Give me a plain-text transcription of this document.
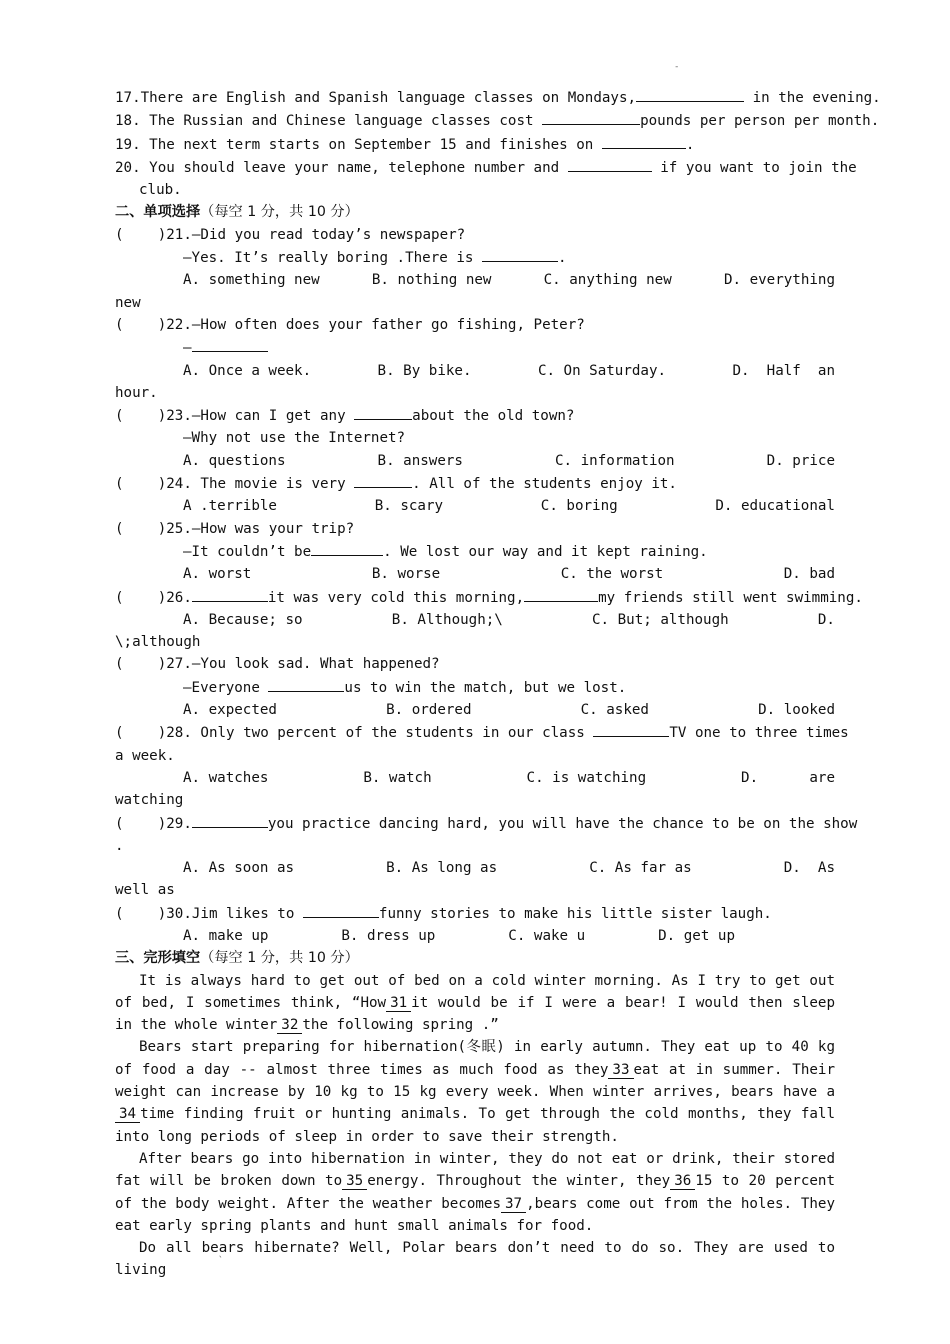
-
17.There are English and Spanish language classes on Mondays,	in the evening.
18. The Russian and Chinese language classes cost	pounds per person per month.
19. The next term starts on September 15 and finishes on	.
20. You should leave your name, telephone number and	if you want to join the
club.
二、单项选择（每空 1 分，共 10 分）
(    )21.—Did you read today’s newspaper?
—Yes. It’s really boring .There is	.
A. something new	B. nothing new	C. anything new	D. everything
new
(    )22.—How often does your father go fishing, Peter?
—
A. Once a week.	B. By bike.	C. On Saturday.	D.  Half  an
hour.
(    )23.—How can I get any	about the old town?
—Why not use the Internet?
A. questions	B. answers	C. information	D. price
(    )24. The movie is very	. All of the students enjoy it.
A .terrible	B. scary	C. boring	D. educational
(    )25.—How was your trip?
—It couldn’t be	. We lost our way and it kept raining.
A. worst	B. worse	C. the worst	D. bad
(    )26.	it was very cold this morning,	my friends still went swimming.
A. Because; so	B. Although;\	C. But; although	D.
\;although
(    )27.—You look sad. What happened?
—Everyone	us to win the match, but we lost.
A. expected	B. ordered	C. asked	D. looked
(    )28. Only two percent of the students in our class	TV one to three times
a week.
A. watches	B. watch	C. is watching	D.      are
watching
(    )29.	you practice dancing hard, you will have the chance to be on the show
.
A. As soon as	B. As long as	C. As far as	D.  As
well as
(    )30.Jim likes to	funny stories to make his little sister laugh.
A. make up	B. dress up	C. wake u	D. get up
三、完形填空（每空 1 分，共 10 分）
It is always hard to get out of bed on a cold winter morning. As I try to get out of bed, I sometimes think, “How 31 it would be if I were a bear! I would then sleep in the whole winter 32 the following spring .”
Bears start preparing for hibernation(冬眠) in early autumn. They eat up to 40 kg of food a day -- almost three times as much food as they 33 eat at in summer. Their weight can increase by 10 kg to 15 kg every week. When winter arrives, bears have a 34 time finding fruit or hunting animals. To get through the cold months, they fall into long periods of sleep in order to save their strength.
After bears go into hibernation in winter, they do not eat or drink, their stored fat will be broken down to 35 energy. Throughout the winter, they 36 15 to 20 percent of the body weight. After the weather becomes 37 ,bears come out from the holes. They eat early spring plants and hunt small animals for food.
Do all bears hibernate? Well, Polar bears don’t need to do so. They are used to living
`
